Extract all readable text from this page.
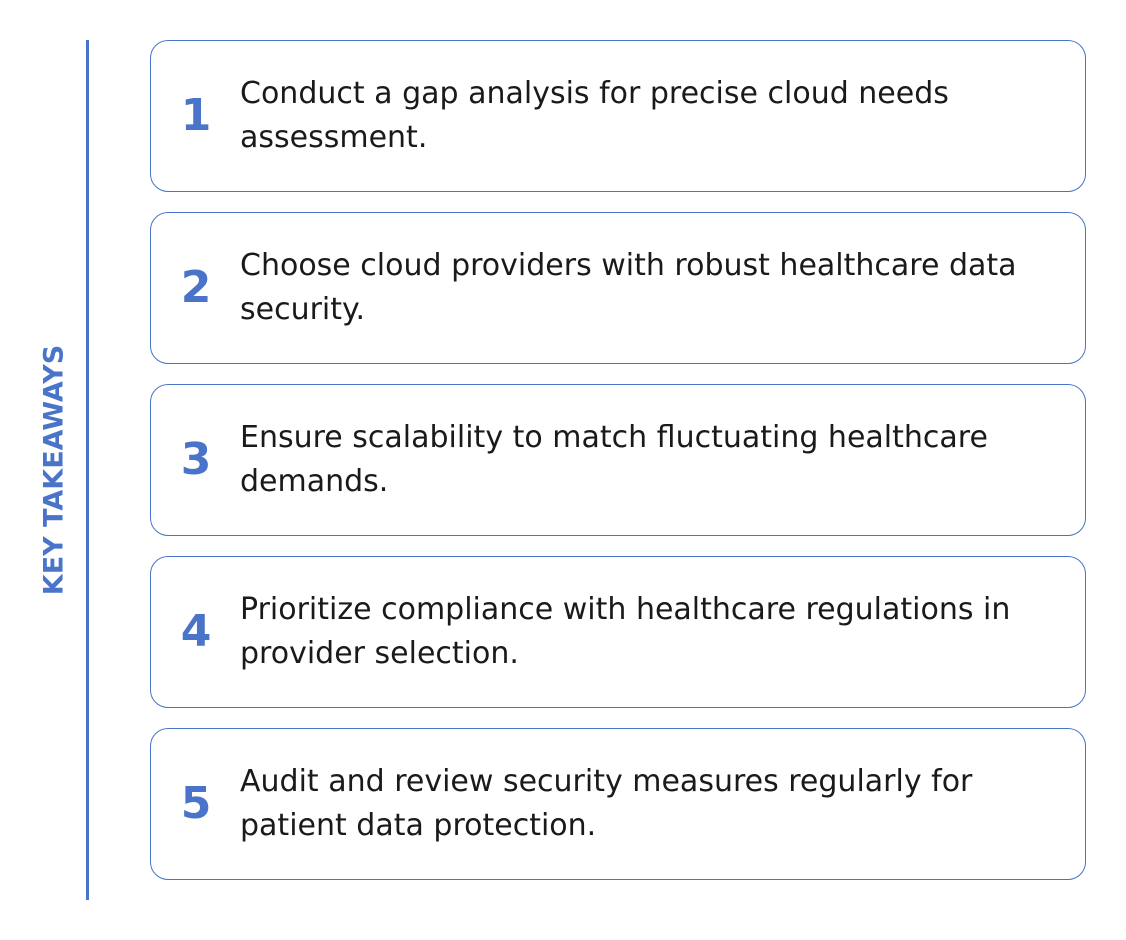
KEY TAKEAWAYS
1 Conduct a gap analysis for precise cloud needs assessment.
2 Choose cloud providers with robust healthcare data security.
3 Ensure scalability to match fluctuating healthcare demands.
4 Prioritize compliance with healthcare regulations in provider selection.
5 Audit and review security measures regularly for patient data protection.
